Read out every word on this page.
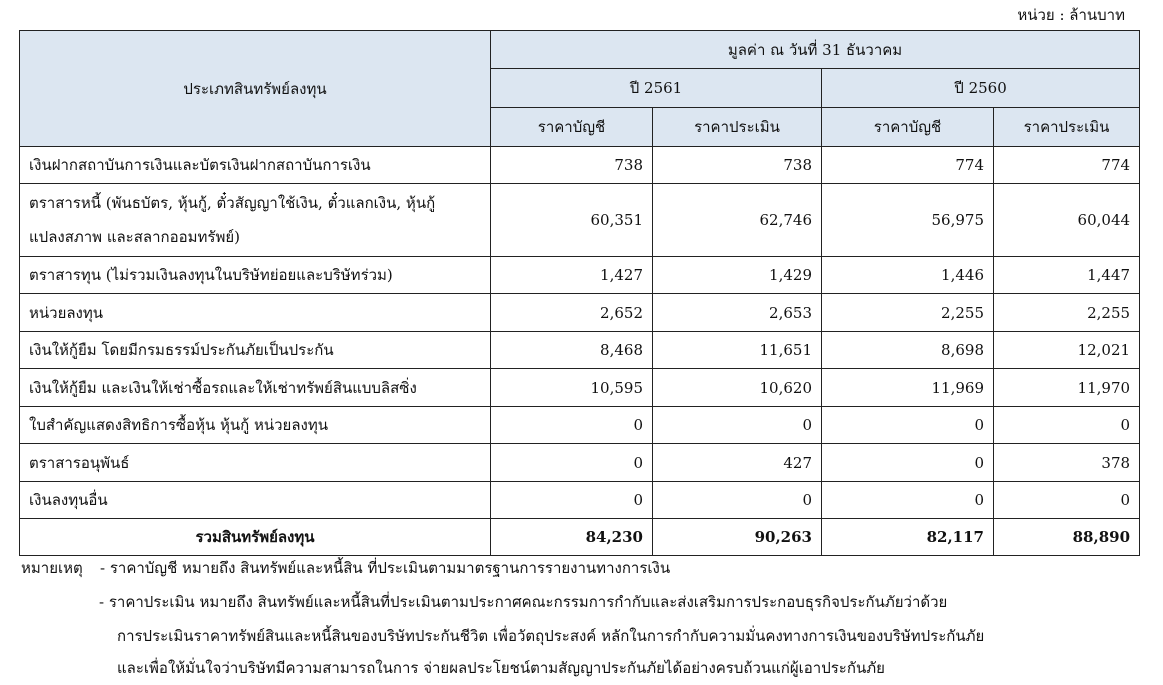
หน่วย : ล้านบาท
ประเภทสินทรัพย์ลงทุน	มูลค่า ณ วันที่ 31 ธันวาคม			
	ปี 2561		ปี 2560	
	ราคาบัญชี	ราคาประเมิน	ราคาบัญชี	ราคาประเมิน
เงินฝากสถาบันการเงินและบัตรเงินฝากสถาบันการเงิน	738	738	774	774
ตราสารหนี้ (พันธบัตร, หุ้นกู้, ตั๋วสัญญาใช้เงิน, ตั๋วแลกเงิน, หุ้นกู้
แปลงสภาพ และสลากออมทรัพย์)	60,351	62,746	56,975	60,044
ตราสารทุน (ไม่รวมเงินลงทุนในบริษัทย่อยและบริษัทร่วม)	1,427	1,429	1,446	1,447
หน่วยลงทุน	2,652	2,653	2,255	2,255
เงินให้กู้ยืม โดยมีกรมธรรม์ประกันภัยเป็นประกัน	8,468	11,651	8,698	12,021
เงินให้กู้ยืม และเงินให้เช่าซื้อรถและให้เช่าทรัพย์สินแบบลิสซิ่ง	10,595	10,620	11,969	11,970
ใบสำคัญแสดงสิทธิการซื้อหุ้น หุ้นกู้ หน่วยลงทุน	0	0	0	0
ตราสารอนุพันธ์	0	427	0	378
เงินลงทุนอื่น	0	0	0	0
รวมสินทรัพย์ลงทุน	84,230	90,263	82,117	88,890
หมายเหตุ - ราคาบัญชี หมายถึง สินทรัพย์และหนี้สิน ที่ประเมินตามมาตรฐานการรายงานทางการเงิน
- ราคาประเมิน หมายถึง สินทรัพย์และหนี้สินที่ประเมินตามประกาศคณะกรรมการกำกับและส่งเสริมการประกอบธุรกิจประกันภัยว่าด้วย
การประเมินราคาทรัพย์สินและหนี้สินของบริษัทประกันชีวิต เพื่อวัตถุประสงค์ หลักในการกำกับความมั่นคงทางการเงินของบริษัทประกันภัย
และเพื่อให้มั่นใจว่าบริษัทมีความสามารถในการ จ่ายผลประโยชน์ตามสัญญาประกันภัยได้อย่างครบถ้วนแก่ผู้เอาประกันภัย
